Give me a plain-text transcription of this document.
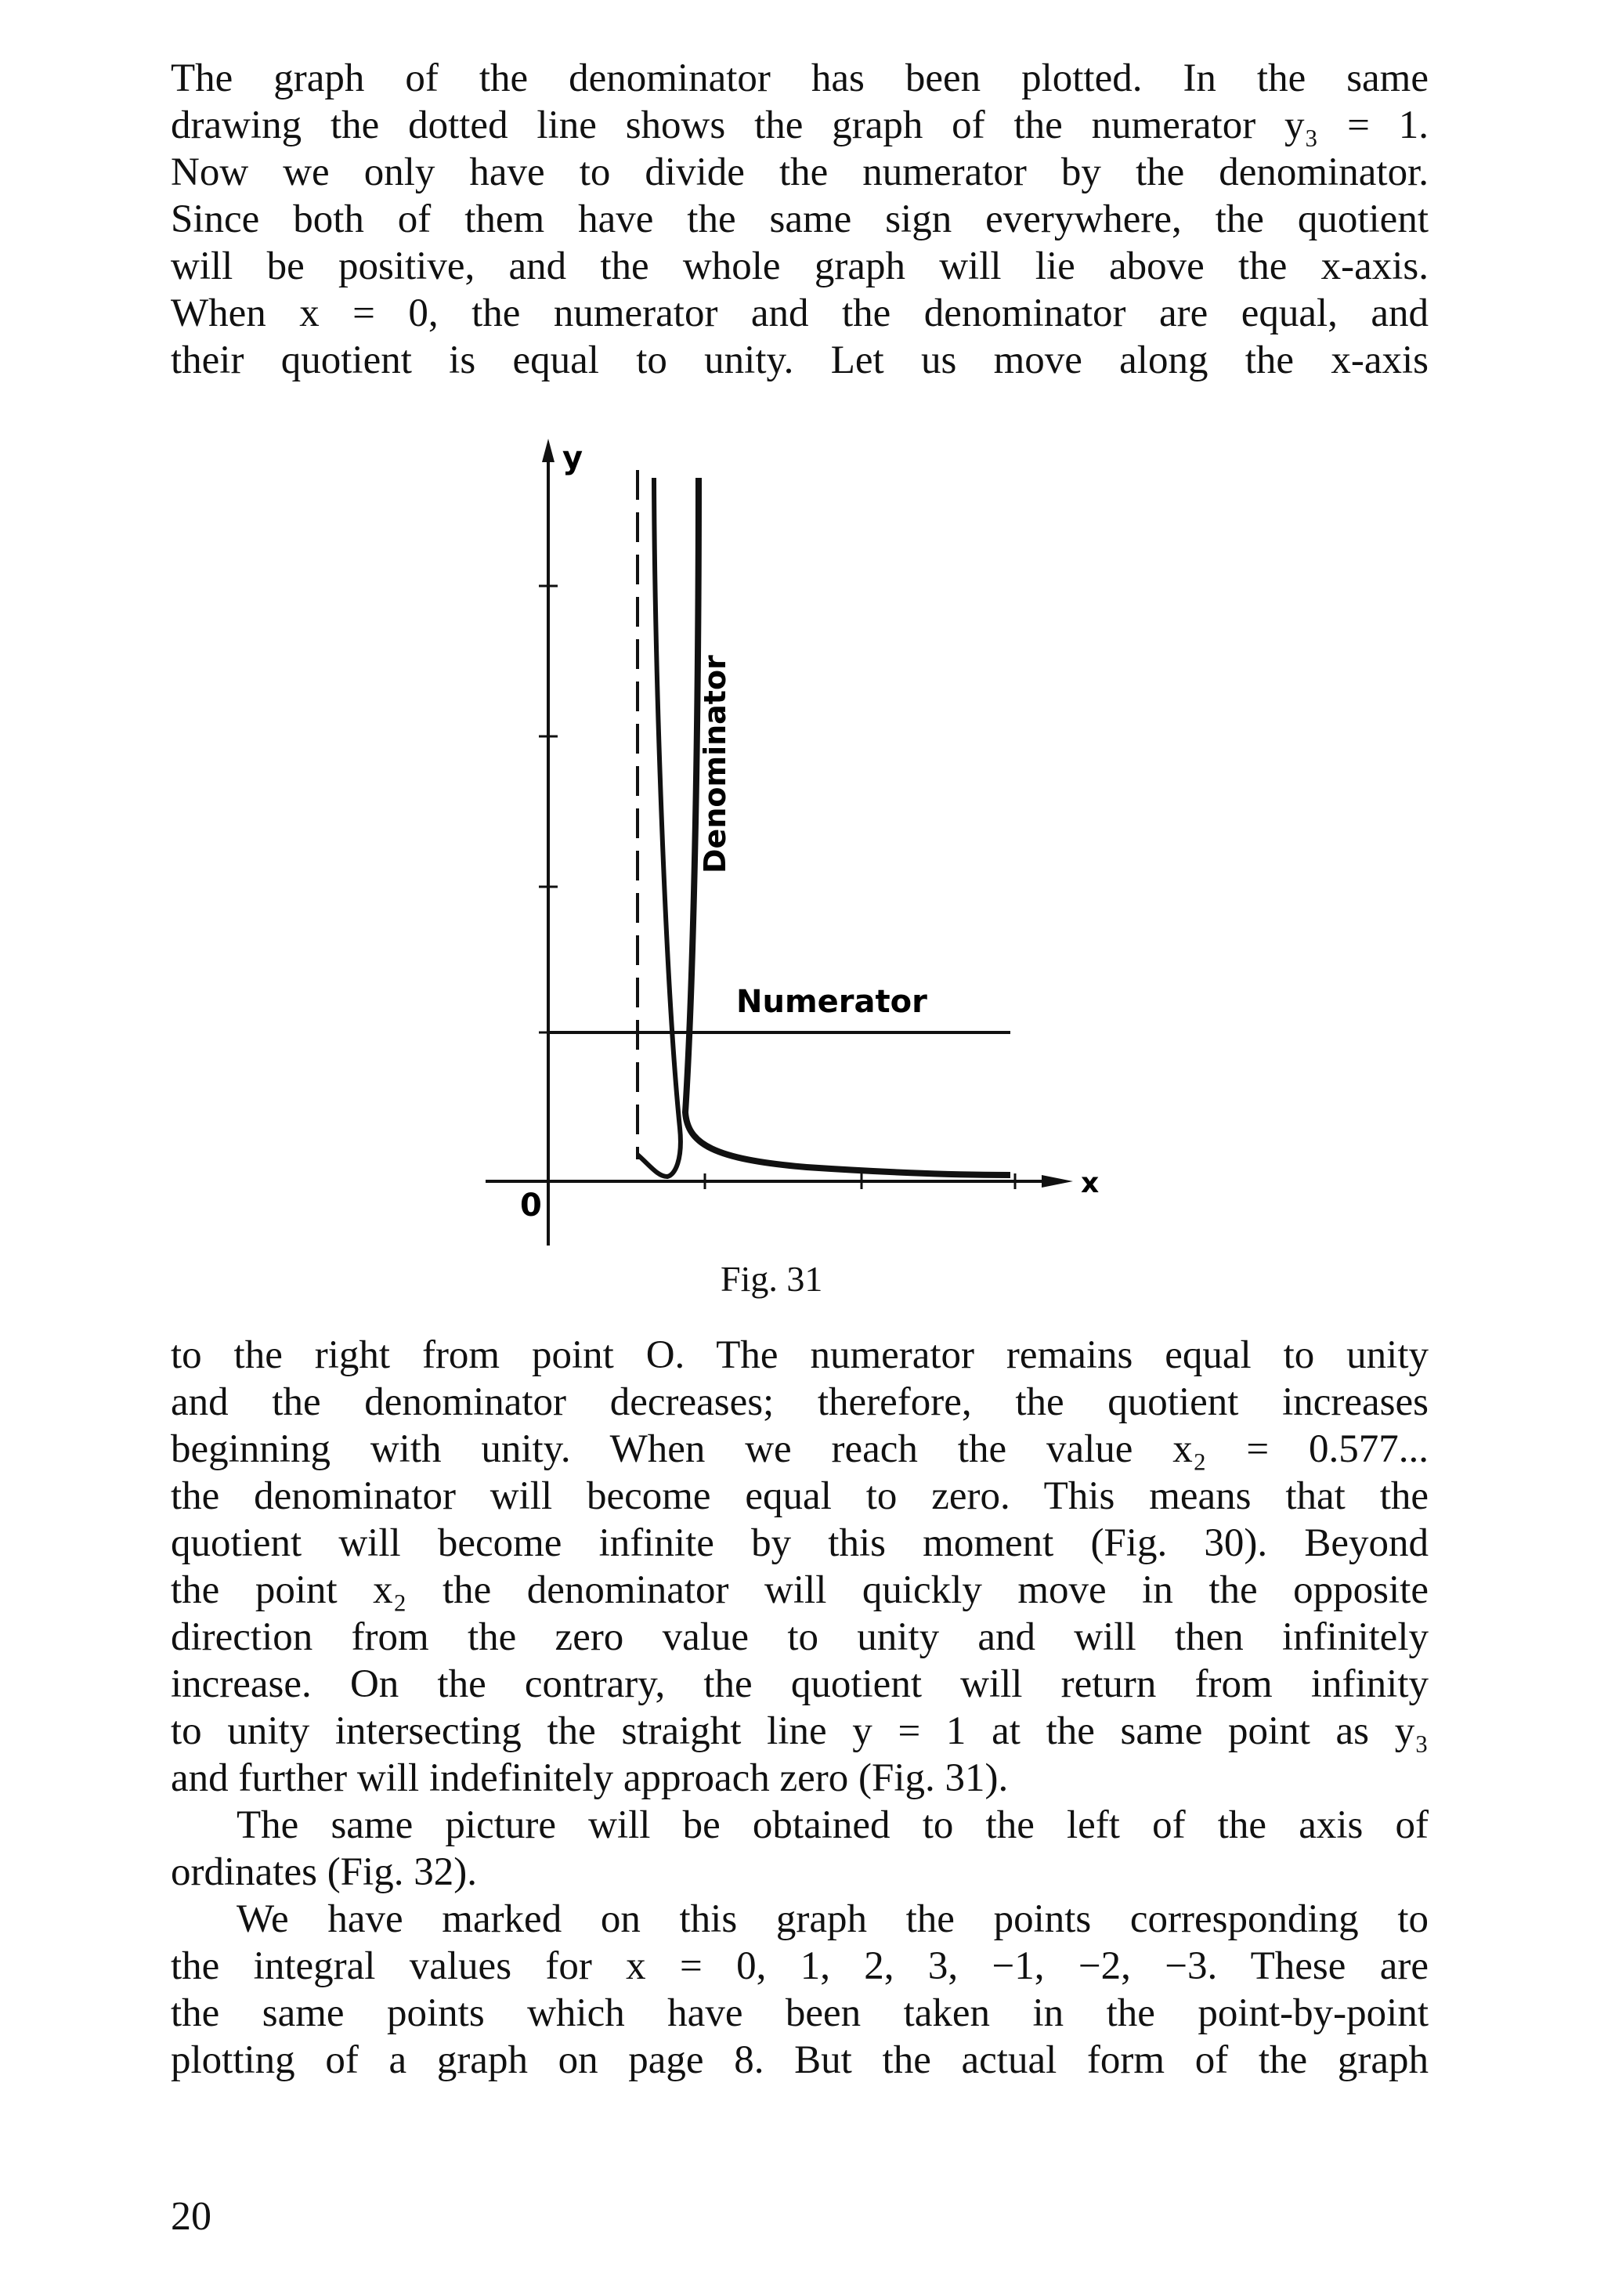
The graph of the denominator has been plotted. In the same
drawing the dotted line shows the graph of the numerator y₃ = 1.
Now we only have to divide the numerator by the denominator.
Since both of them have the same sign everywhere, the quotient
will be positive, and the whole graph will lie above the x-axis.
When x = 0, the numerator and the denominator are equal, and
their quotient is equal to unity. Let us move along the x-axis
y
x
0
Numerator
Denominator
Fig. 31
to the right from point O. The numerator remains equal to unity
and the denominator decreases; therefore, the quotient increases
beginning with unity. When we reach the value x₂ = 0.577...
the denominator will become equal to zero. This means that the
quotient will become infinite by this moment (Fig. 30). Beyond
the point x₂ the denominator will quickly move in the opposite
direction from the zero value to unity and will then infinitely
increase. On the contrary, the quotient will return from infinity
to unity intersecting the straight line y = 1 at the same point as y₃
and further will indefinitely approach zero (Fig. 31).
The same picture will be obtained to the left of the axis of
ordinates (Fig. 32).
We have marked on this graph the points corresponding to
the integral values for x = 0, 1, 2, 3, −1, −2, −3. These are
the same points which have been taken in the point-by-point
plotting of a graph on page 8. But the actual form of the graph
20
